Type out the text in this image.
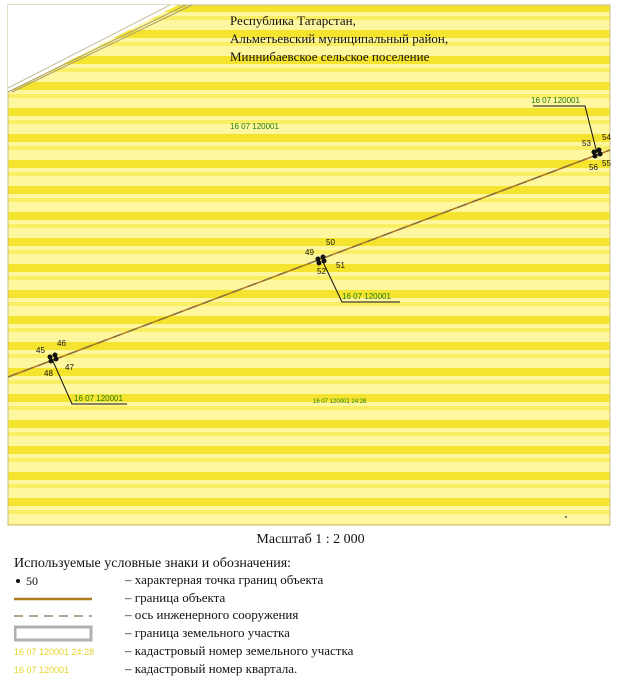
45
46
47
48
49
50
51
52
53
54
55
56
16 07 120001
16 07 120001
16 07 120001
16 07 120001	16 07 120001 24:28
Республика Татарстан,
Альметьевский муниципальный район,
Миннибаевское сельское поселение
Масштаб 1 : 2 000
Используемые условные знаки и обозначения:
50	– характерная точка границ объекта
– граница объекта
– ось инженерного сооружения
– граница земельного участка
16 07 120001 24:28	– кадастровый номер земельного участка
16 07 120001	– кадастровый номер квартала.
